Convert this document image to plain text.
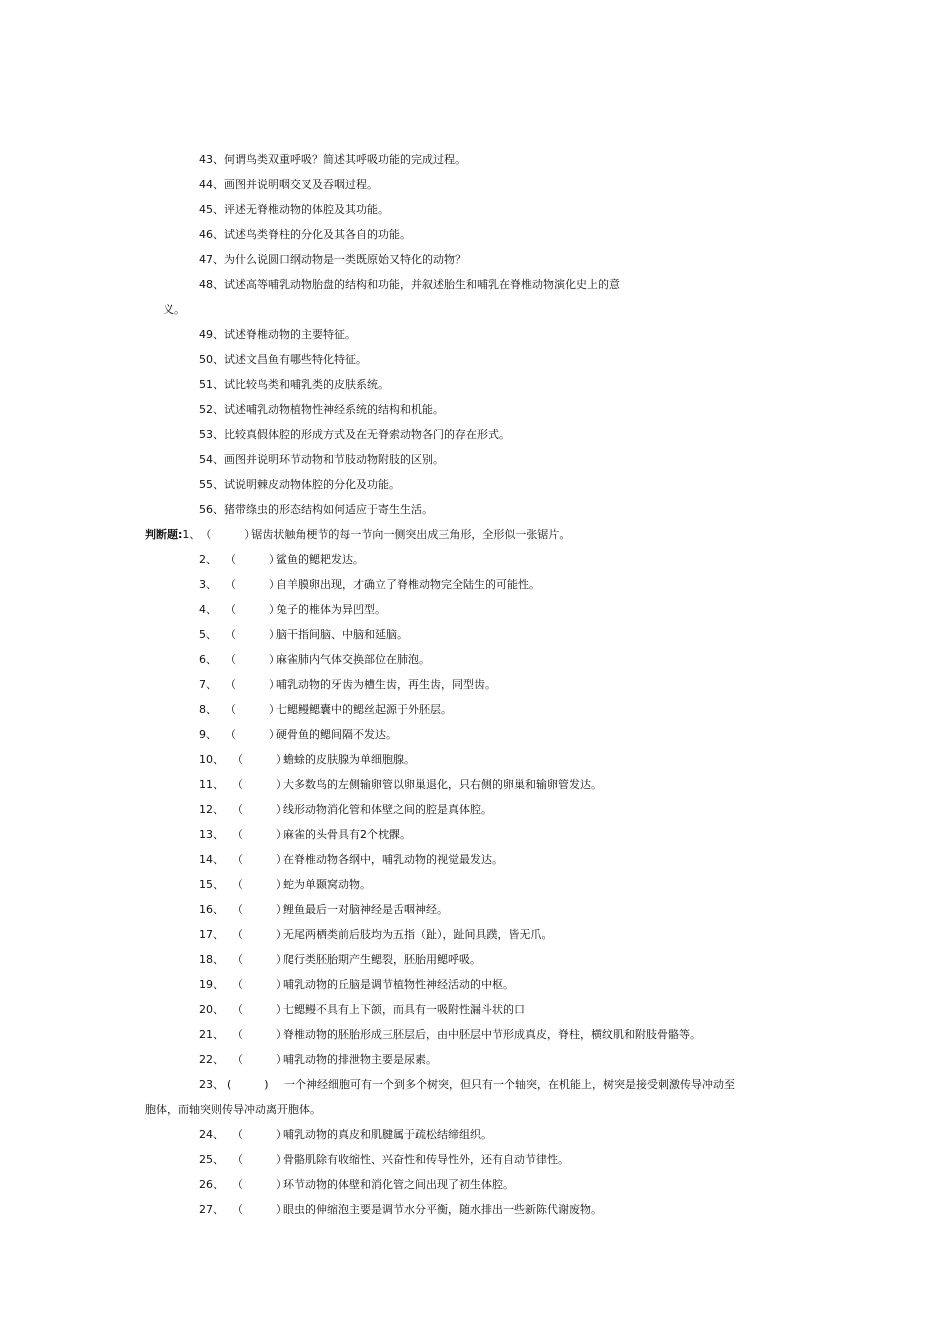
43、何谓鸟类双重呼吸？简述其呼吸功能的完成过程。
44、画图并说明咽交叉及吞咽过程。
45、评述无脊椎动物的体腔及其功能。
46、试述鸟类脊柱的分化及其各自的功能。
47、为什么说圆口纲动物是一类既原始又特化的动物？
48、试述高等哺乳动物胎盘的结构和功能，并叙述胎生和哺乳在脊椎动物演化史上的意
义。
49、试述脊椎动物的主要特征。
50、试述文昌鱼有哪些特化特征。
51、试比较鸟类和哺乳类的皮肤系统。
52、试述哺乳动物植物性神经系统的结构和机能。
53、比较真假体腔的形成方式及在无脊索动物各门的存在形式。
54、画图并说明环节动物和节肢动物附肢的区别。
55、试说明棘皮动物体腔的分化及功能。
56、猪带绦虫的形态结构如何适应于寄生生活。
判断题:1、（　　　）锯齿状触角梗节的每一节向一侧突出成三角形，全形似一张锯片。
2、 （　　　）鲨鱼的鳃耙发达。
3、 （　　　）自羊膜卵出现，才确立了脊椎动物完全陆生的可能性。
4、 （　　　）兔子的椎体为异凹型。
5、 （　　　）脑干指间脑、中脑和延脑。
6、 （　　　）麻雀肺内气体交换部位在肺泡。
7、 （　　　）哺乳动物的牙齿为槽生齿，再生齿，同型齿。
8、 （　　　）七鳃鳗鳃囊中的鳃丝起源于外胚层。
9、 （　　　）硬骨鱼的鳃间隔不发达。
10、 （　　　）蟾蜍的皮肤腺为单细胞腺。
11、 （　　　）大多数鸟的左侧输卵管以卵巢退化，只右侧的卵巢和输卵管发达。
12、 （　　　）线形动物消化管和体壁之间的腔是真体腔。
13、 （　　　）麻雀的头骨具有2个枕髁。
14、 （　　　）在脊椎动物各纲中，哺乳动物的视觉最发达。
15、 （　　　）蛇为单颞窝动物。
16、 （　　　）鲤鱼最后一对脑神经是舌咽神经。
17、 （　　　）无尾两栖类前后肢均为五指（趾），趾间具蹼，皆无爪。
18、 （　　　）爬行类胚胎期产生鳃裂，胚胎用鳃呼吸。
19、 （　　　）哺乳动物的丘脑是调节植物性神经活动的中枢。
20、 （　　　）七鳃鳗不具有上下颌，而具有一吸附性漏斗状的口
21、 （　　　）脊椎动物的胚胎形成三胚层后，由中胚层中节形成真皮，脊柱，横纹肌和附肢骨骼等。
22、 （　　　）哺乳动物的排泄物主要是尿素。
23、 (　　　) 一个神经细胞可有一个到多个树突，但只有一个轴突，在机能上，树突是接受刺激传导冲动至
胞体，而轴突则传导冲动离开胞体。
24、 （　　　）哺乳动物的真皮和肌腱属于疏松结缔组织。
25、 （　　　）骨骼肌除有收缩性、兴奋性和传导性外，还有自动节律性。
26、 （　　　）环节动物的体壁和消化管之间出现了初生体腔。
27、 （　　　）眼虫的伸缩泡主要是调节水分平衡，随水排出一些新陈代谢废物。
